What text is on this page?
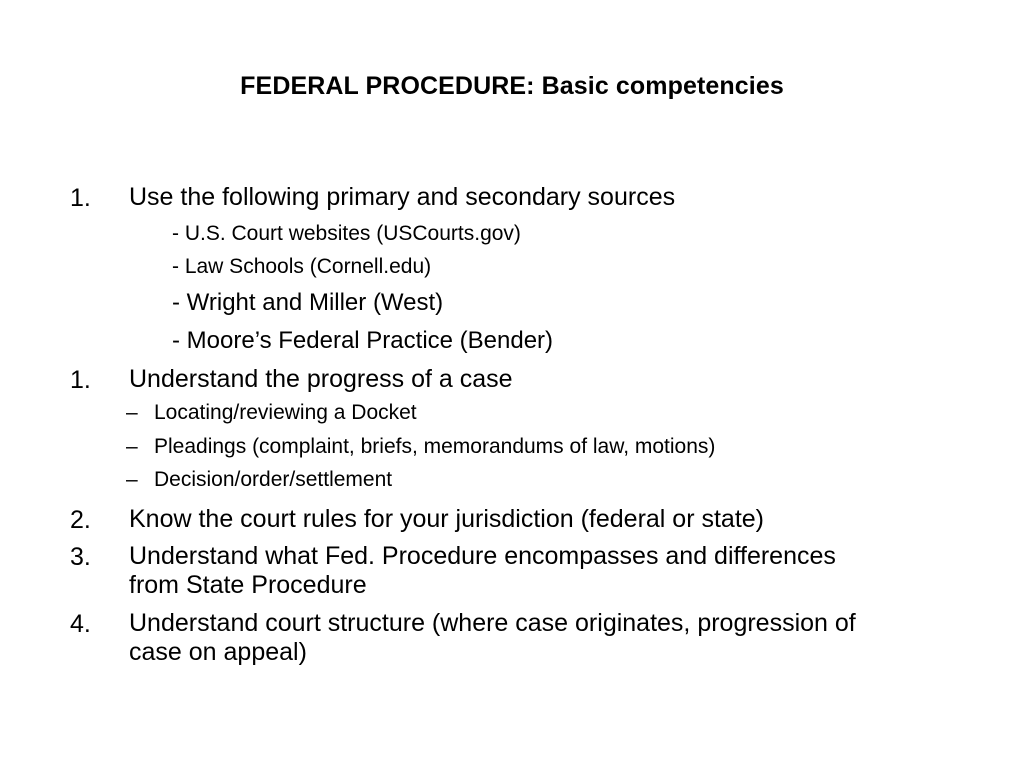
FEDERAL PROCEDURE: Basic competencies
1. Use the following primary and secondary sources
- U.S. Court websites (USCourts.gov)
- Law Schools (Cornell.edu)
- Wright and Miller (West)
- Moore’s Federal Practice (Bender)
1. Understand the progress of a case
– Locating/reviewing a Docket
– Pleadings (complaint, briefs, memorandums of law, motions)
– Decision/order/settlement
2. Know the court rules for your jurisdiction (federal or state)
3. Understand what Fed. Procedure encompasses and differences
from State Procedure
4. Understand court structure (where case originates, progression of
case on appeal)
